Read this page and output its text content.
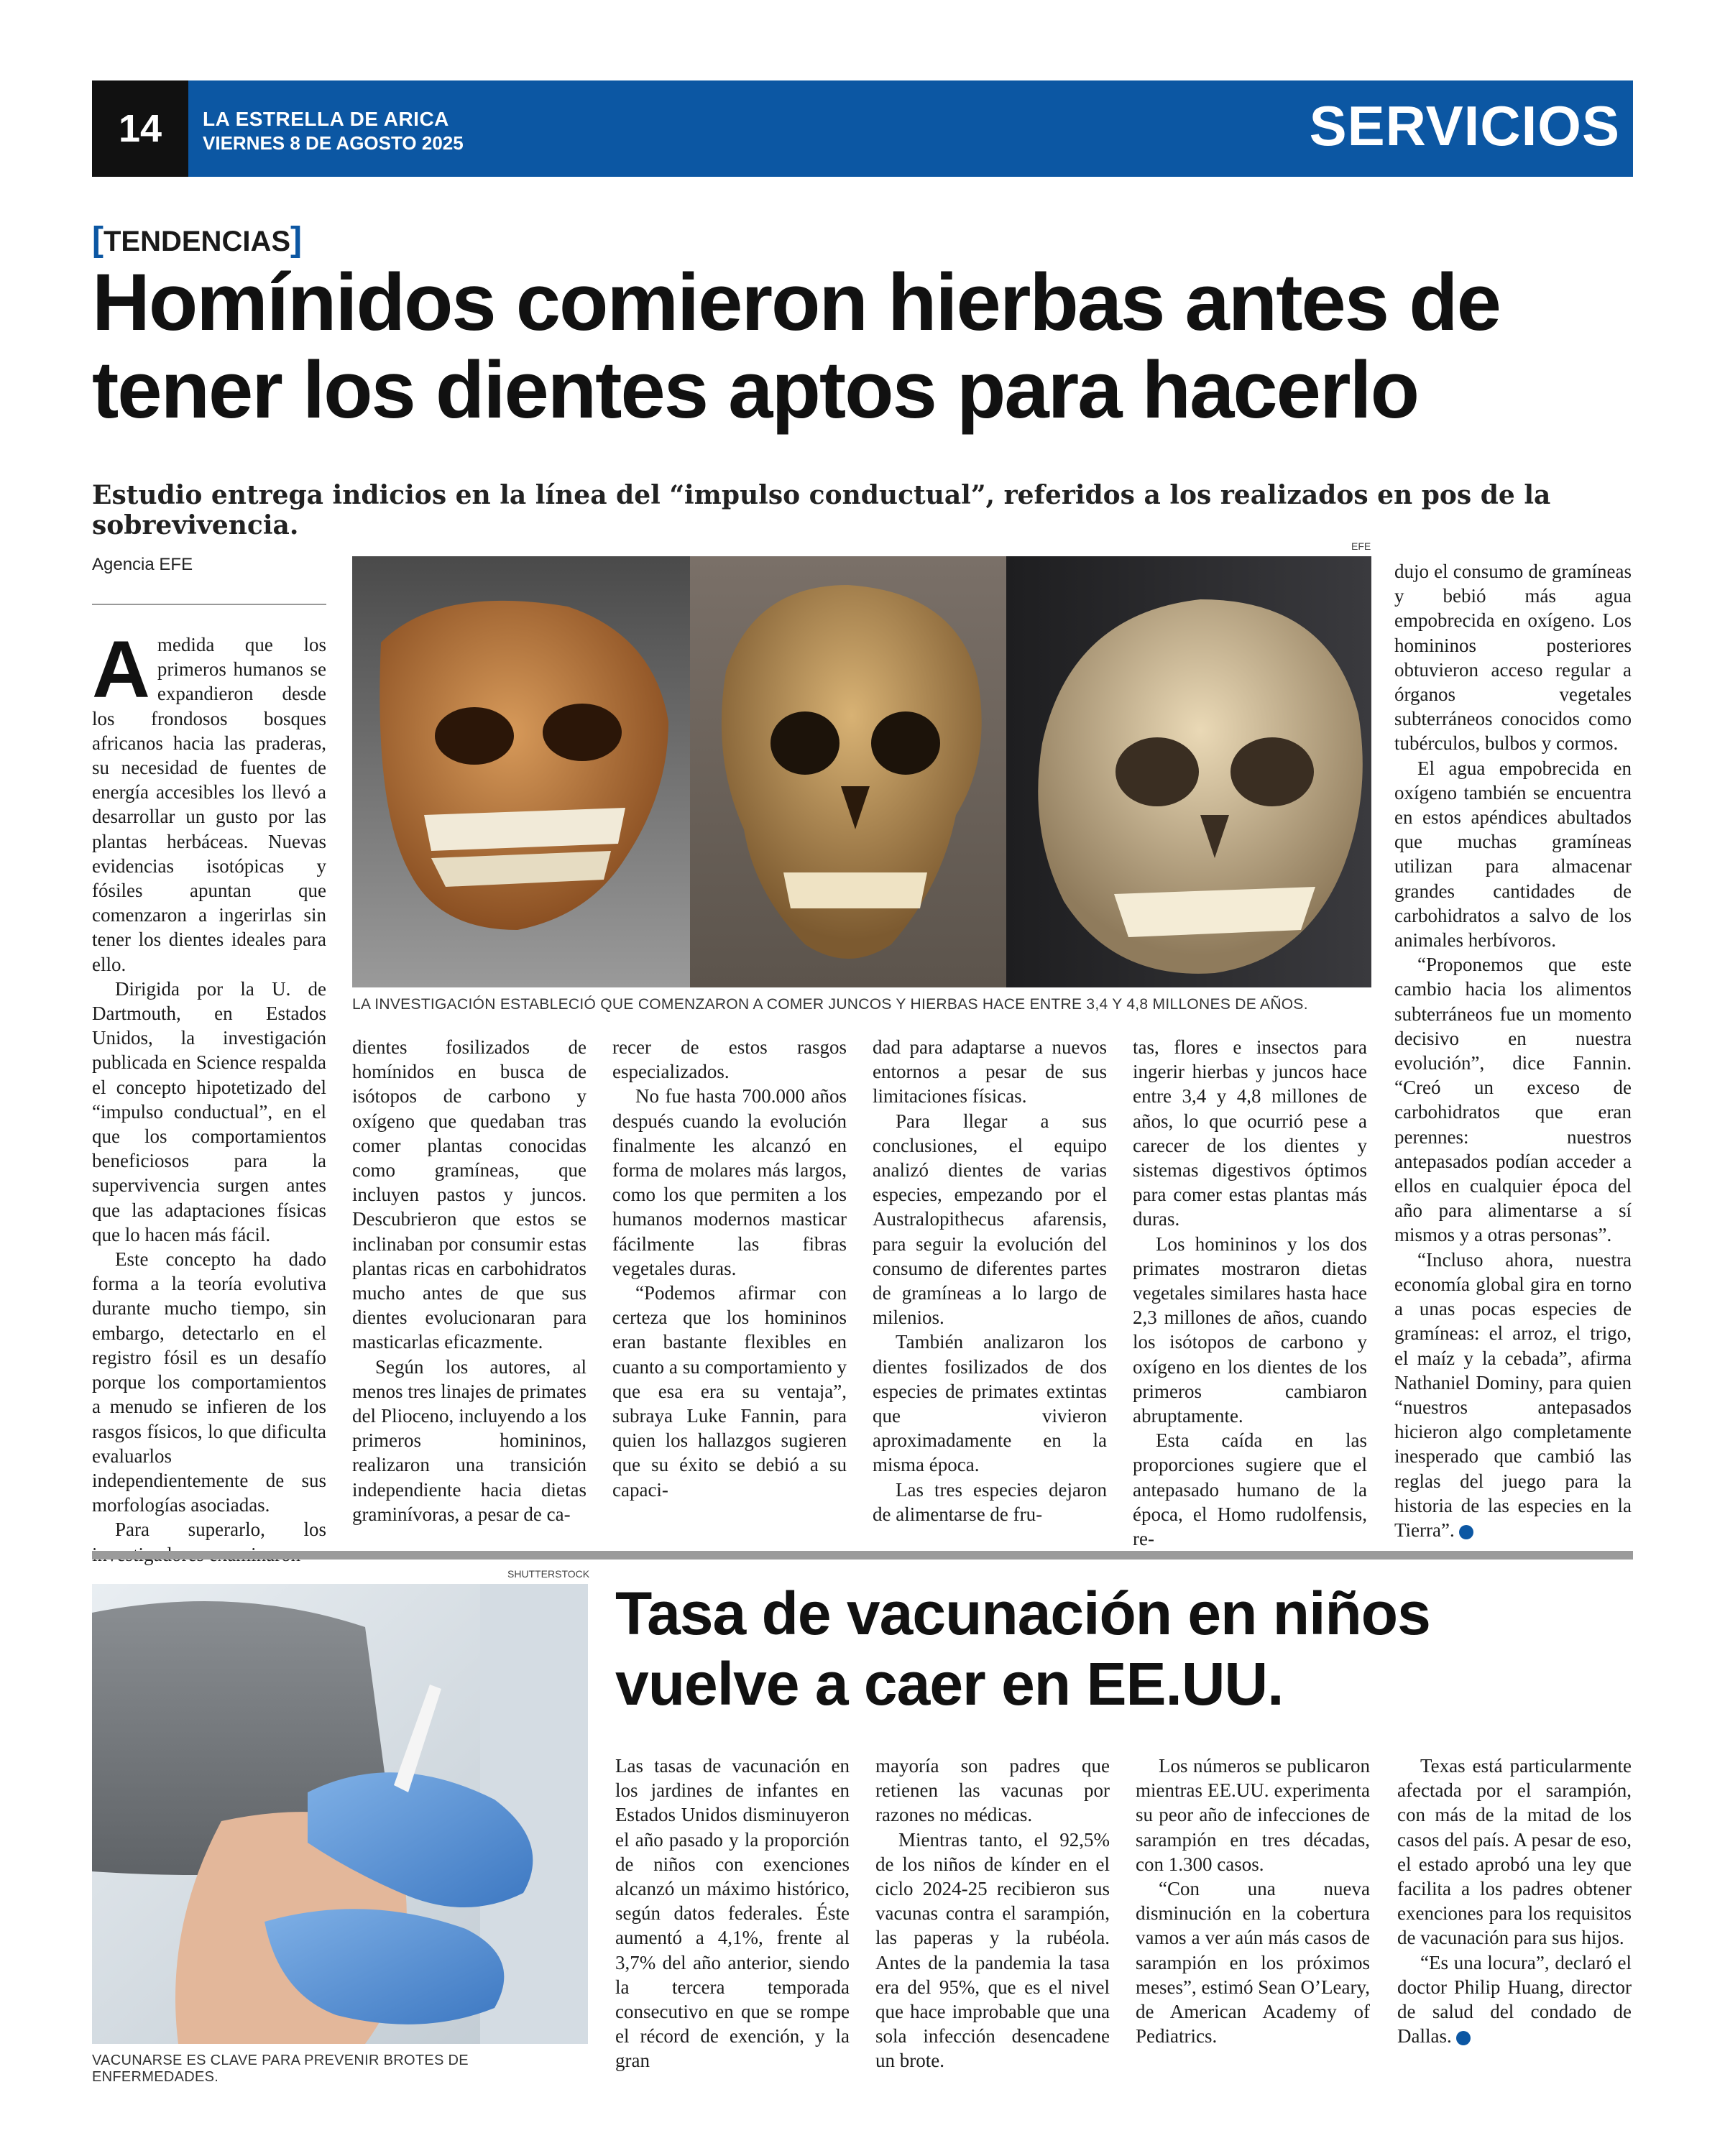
14	LA ESTRELLA DE ARICA
VIERNES 8 DE AGOSTO 2025	SERVICIOS
[TENDENCIAS]
Homínidos comieron hierbas antes de tener los dientes aptos para hacerlo
Estudio entrega indicios en la línea del “impulso conductual”, referidos a los realizados en pos de la sobrevivencia.
Agencia EFE
EFE
LA INVESTIGACIÓN ESTABLECIÓ QUE COMENZARON A COMER JUNCOS Y HIERBAS HACE ENTRE 3,4 Y 4,8 MILLONES DE AÑOS.

Amedida que los primeros humanos se expandieron desde los frondosos bosques africanos hacia las praderas, su necesidad de fuentes de energía accesibles los llevó a desarrollar un gusto por las plantas herbáceas. Nuevas evidencias isotópicas y fósiles apuntan que comenzaron a ingerirlas sin tener los dientes ideales para ello.

Dirigida por la U. de Dartmouth, en Estados Unidos, la investigación publicada en Science respalda el concepto hipotetizado del “impulso conductual”, en el que los comportamientos beneficiosos para la supervivencia surgen antes que las adaptaciones físicas que lo hacen más fácil.

Este concepto ha dado forma a la teoría evolutiva durante mucho tiempo, sin embargo, detectarlo en el registro fósil es un desafío porque los comportamientos a menudo se infieren de los rasgos físicos, lo que dificulta evaluarlos independientemente de sus morfologías asociadas.

Para superarlo, los

dientes fosilizados de homínidos en busca de isótopos de carbono y oxígeno que quedaban tras comer plantas conocidas como gramíneas, que incluyen pastos y juncos. Descubrieron que estos se inclinaban por consumir estas plantas ricas en carbohidratos mucho antes de que sus dientes evolucionaran para masticarlas eficazmente.

Según los autores, al menos tres linajes de primates del Plioceno, incluyendo a los primeros homininos, realizaron una transición independiente hacia dietas graminívoras, a pesar de ca-

recer de estos rasgos especializados.

No fue hasta 700.000 años después cuando la evolución finalmente les alcanzó en forma de molares más largos, como los que permiten a los humanos modernos masticar fácilmente las fibras vegetales duras.

“Podemos afirmar con certeza que los homininos eran bastante flexibles en cuanto a su comportamiento y que esa era su ventaja”, subraya Luke Fannin, para quien los hallazgos sugieren que su éxito se debió a su capaci-

dad para adaptarse a nuevos entornos a pesar de sus limitaciones físicas.

Para llegar a sus conclusiones, el equipo analizó dientes de varias especies, empezando por el Australopithecus afarensis, para seguir la evolución del consumo de diferentes partes de gramíneas a lo largo de milenios.

También analizaron los dientes fosilizados de dos especies de primates extintas que vivieron aproximadamente en la misma época.

Las tres especies dejaron de alimentarse de fru-

tas, flores e insectos para ingerir hierbas y juncos hace entre 3,4 y 4,8 millones de años, lo que ocurrió pese a carecer de los dientes y sistemas digestivos óptimos para comer estas plantas más duras.

Los homininos y los dos primates mostraron dietas vegetales similares hasta hace 2,3 millones de años, cuando los isótopos de carbono y oxígeno en los dientes de los primeros cambiaron abruptamente.

Esta caída en las proporciones sugiere que el antepasado humano de la época, el Homo rudolfensis, re-

dujo el consumo de gramíneas y bebió más agua empobrecida en oxígeno. Los homininos posteriores obtuvieron acceso regular a órganos vegetales subterráneos conocidos como tubérculos, bulbos y cormos.

El agua empobrecida en oxígeno también se encuentra en estos apéndices abultados que muchas gramíneas utilizan para almacenar grandes cantidades de carbohidratos a salvo de los animales herbívoros.

“Proponemos que este cambio hacia los alimentos subterráneos fue un momento decisivo en nuestra evolución”, dice Fannin. “Creó un exceso de carbohidratos que eran perennes: nuestros antepasados podían acceder a ellos en cualquier época del año para alimentarse a sí mismos y a otras personas”.

“Incluso ahora, nuestra economía global gira en torno a unas pocas especies de gramíneas: el arroz, el trigo, el maíz y la cebada”, afirma Nathaniel Dominy, para quien “nuestros antepasados hicieron algo completamente inesperado que cambió las reglas del juego para la historia de las especies en la Tierra”.

SHUTTERSTOCK
VACUNARSE ES CLAVE PARA PREVENIR BROTES DE ENFERMEDADES.
Tasa de vacunación en niños vuelve a caer en EE.UU.

Las tasas de vacunación en los jardines de infantes en Estados Unidos disminuyeron el año pasado y la proporción de niños con exenciones alcanzó un máximo histórico, según datos federales. Éste aumentó a 4,1%, frente al 3,7% del año anterior, siendo la tercera temporada consecutivo en que se rompe el récord de exención, y la gran

mayoría son padres que retienen las vacunas por razones no médicas.

Mientras tanto, el 92,5% de los niños de kínder en el ciclo 2024-25 recibieron sus vacunas contra el sarampión, las paperas y la rubéola. Antes de la pandemia la tasa era del 95%, que es el nivel que hace improbable que una sola infección desencadene un brote.

Los números se publicaron mientras EE.UU. experimenta su peor año de infecciones de sarampión en tres décadas, con 1.300 casos.

“Con una nueva disminución en la cobertura vamos a ver aún más casos de sarampión en los próximos meses”, estimó Sean O’Leary, de American Academy of Pediatrics.

Texas está particularmente afectada por el sarampión, con más de la mitad de los casos del país. A pesar de eso, el estado aprobó una ley que facilita a los padres obtener exenciones para los requisitos de vacunación para sus hijos.

“Es una locura”, declaró el doctor Philip Huang, director de salud del condado de Dallas.
